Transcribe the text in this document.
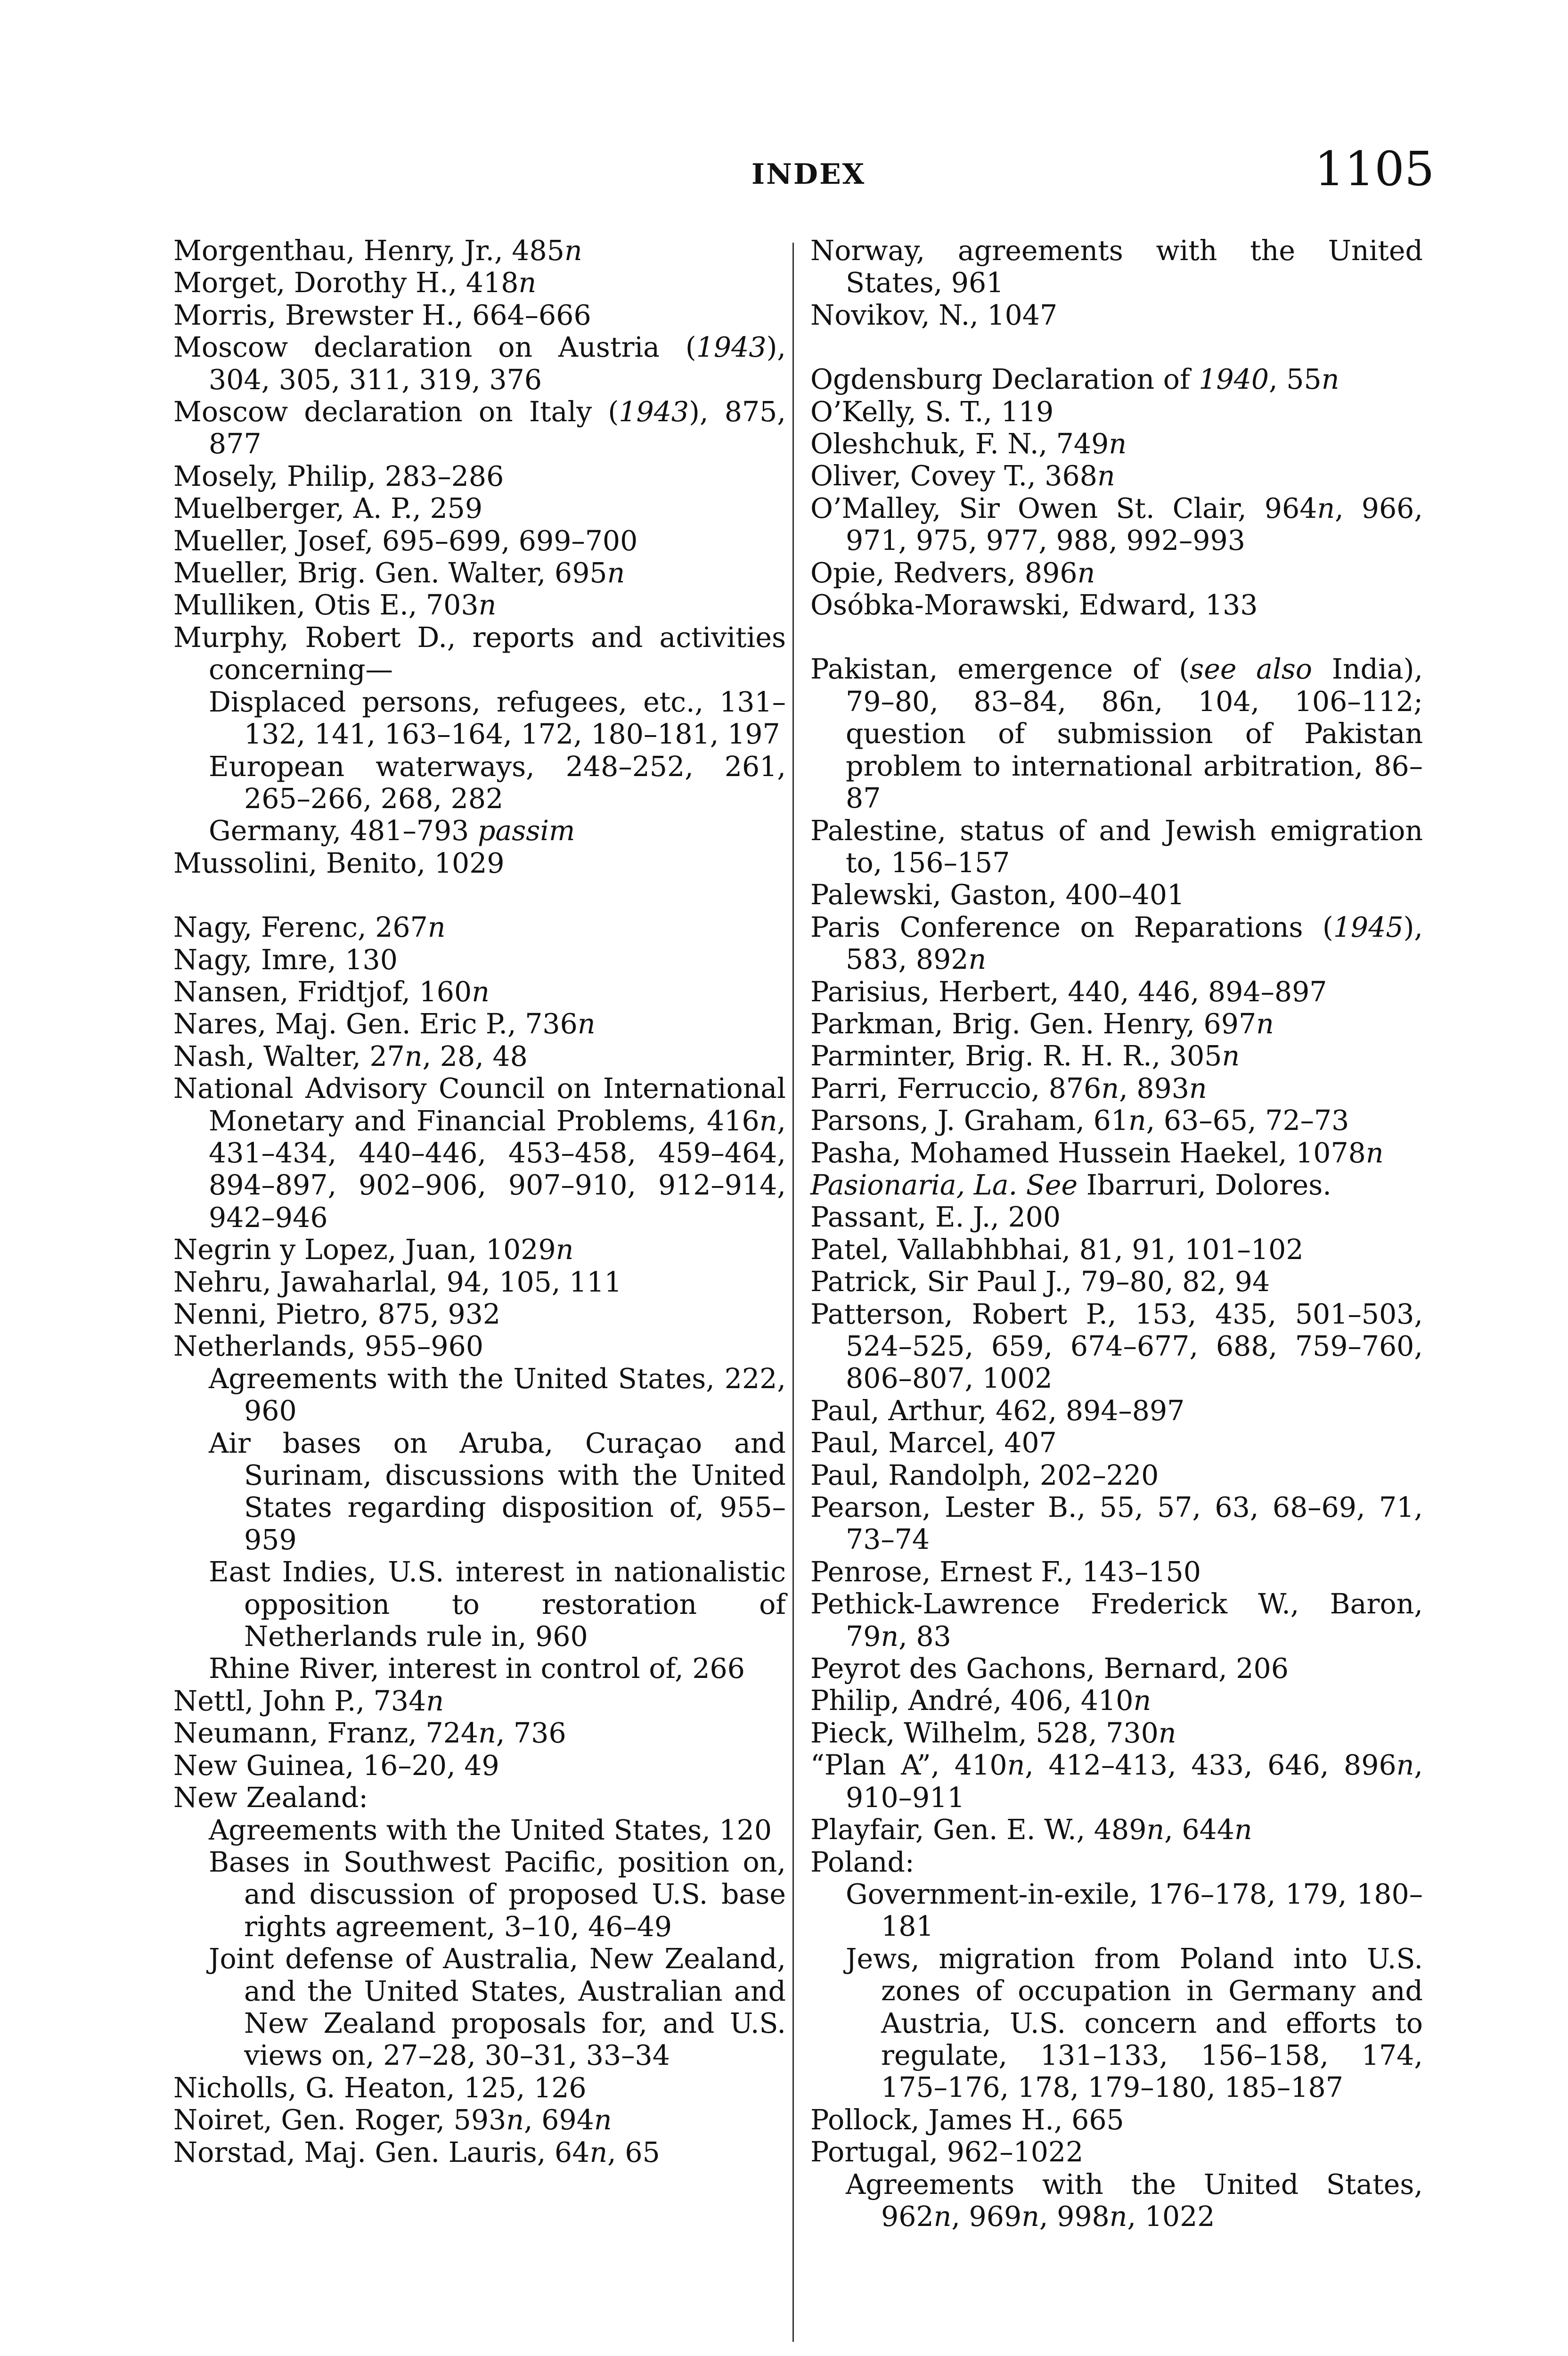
INDEX	1105

Morgenthau, Henry, Jr., 485n

Morget, Dorothy H., 418n

Morris, Brewster H., 664–666

Moscow declaration on Austria (1943), 304, 305, 311, 319, 376

Moscow declaration on Italy (1943), 875, 877

Mosely, Philip, 283–286

Muelberger, A. P., 259

Mueller, Josef, 695–699, 699–700

Mueller, Brig. Gen. Walter, 695n

Mulliken, Otis E., 703n

Murphy, Robert D., reports and activities concerning—

Displaced persons, refugees, etc., 131–132, 141, 163–164, 172, 180–181, 197

European waterways, 248–252, 261, 265–266, 268, 282

Germany, 481–793 passim

Mussolini, Benito, 1029

Nagy, Ferenc, 267n

Nagy, Imre, 130

Nansen, Fridtjof, 160n

Nares, Maj. Gen. Eric P., 736n

Nash, Walter, 27n, 28, 48

National Advisory Council on International Monetary and Financial Problems, 416n, 431–434, 440–446, 453–458, 459–464, 894–897, 902–906, 907–910, 912–914, 942–946

Negrin y Lopez, Juan, 1029n

Nehru, Jawaharlal, 94, 105, 111

Nenni, Pietro, 875, 932

Netherlands, 955–960

Agreements with the United States, 222, 960

Air bases on Aruba, Curaçao and Surinam, discussions with the United States regarding disposition of, 955–959

East Indies, U.S. interest in nationalistic opposition to restoration of Netherlands rule in, 960

Rhine River, interest in control of, 266

Nettl, John P., 734n

Neumann, Franz, 724n, 736

New Guinea, 16–20, 49

New Zealand:

Agreements with the United States, 120

Bases in Southwest Pacific, position on, and discussion of proposed U.S. base rights agreement, 3–10, 46–49

Joint defense of Australia, New Zealand, and the United States, Australian and New Zealand proposals for, and U.S. views on, 27–28, 30–31, 33–34

Nicholls, G. Heaton, 125, 126

Noiret, Gen. Roger, 593n, 694n

Norstad, Maj. Gen. Lauris, 64n, 65

Norway, agreements with the United States, 961

Novikov, N., 1047

Ogdensburg Declaration of 1940, 55n

O’Kelly, S. T., 119

Oleshchuk, F. N., 749n

Oliver, Covey T., 368n

O’Malley, Sir Owen St. Clair, 964n, 966, 971, 975, 977, 988, 992–993

Opie, Redvers, 896n

Osóbka-Morawski, Edward, 133

Pakistan, emergence of (see also India), 79–80, 83–84, 86n, 104, 106–112; question of submission of Pakistan problem to international arbitration, 86–87

Palestine, status of and Jewish emigration to, 156–157

Palewski, Gaston, 400–401

Paris Conference on Reparations (1945), 583, 892n

Parisius, Herbert, 440, 446, 894–897

Parkman, Brig. Gen. Henry, 697n

Parminter, Brig. R. H. R., 305n

Parri, Ferruccio, 876n, 893n

Parsons, J. Graham, 61n, 63–65, 72–73

Pasha, Mohamed Hussein Haekel, 1078n

Pasionaria, La. See Ibarruri, Dolores.

Passant, E. J., 200

Patel, Vallabhbhai, 81, 91, 101–102

Patrick, Sir Paul J., 79–80, 82, 94

Patterson, Robert P., 153, 435, 501–503, 524–525, 659, 674–677, 688, 759–760, 806–807, 1002

Paul, Arthur, 462, 894–897

Paul, Marcel, 407

Paul, Randolph, 202–220

Pearson, Lester B., 55, 57, 63, 68–69, 71, 73–74

Penrose, Ernest F., 143–150

Pethick-Lawrence Frederick W., Baron, 79n, 83

Peyrot des Gachons, Bernard, 206

Philip, André, 406, 410n

Pieck, Wilhelm, 528, 730n

“Plan A”, 410n, 412–413, 433, 646, 896n, 910–911

Playfair, Gen. E. W., 489n, 644n

Poland:

Government-in-exile, 176–178, 179, 180–181

Jews, migration from Poland into U.S. zones of occupation in Germany and Austria, U.S. concern and efforts to regulate, 131–133, 156–158, 174, 175–176, 178, 179–180, 185–187

Pollock, James H., 665

Portugal, 962–1022

Agreements with the United States, 962n, 969n, 998n, 1022
